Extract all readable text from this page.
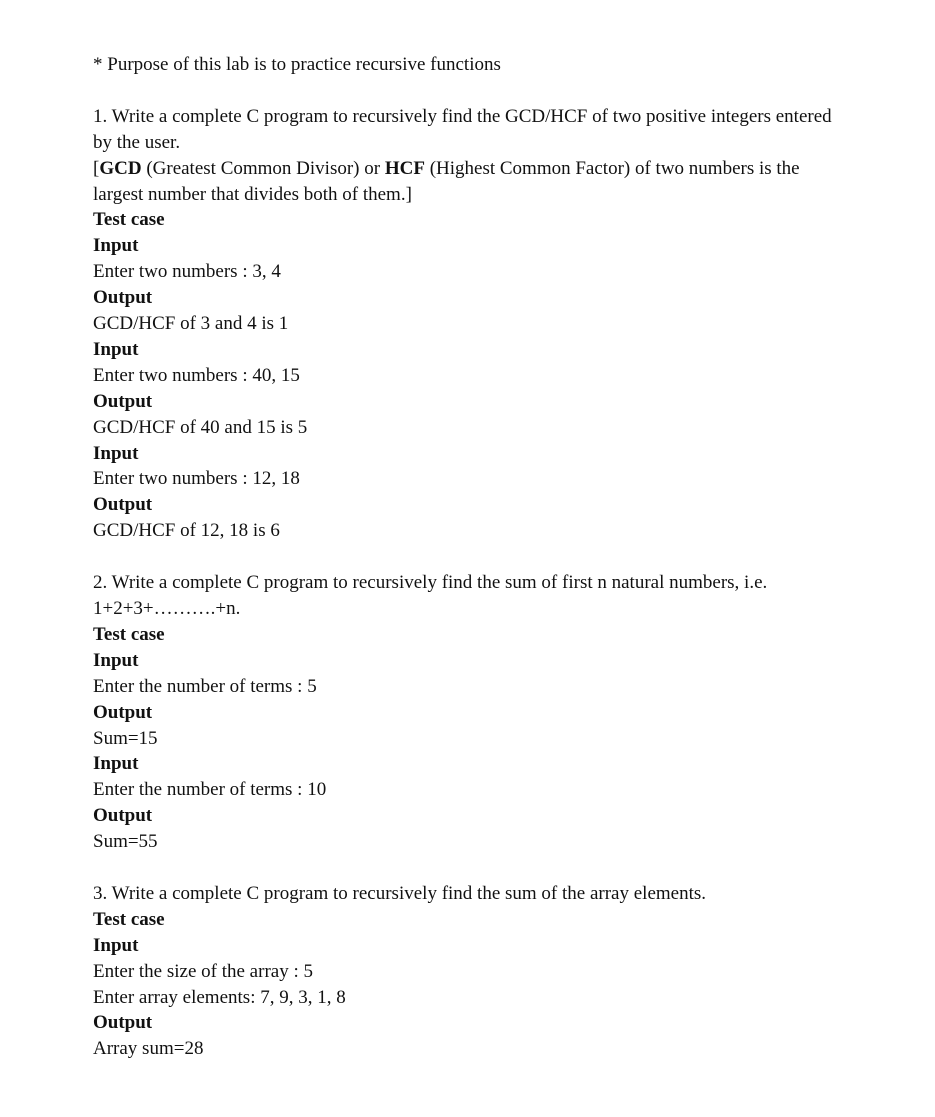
* Purpose of this lab is to practice recursive functions

1. Write a complete C program to recursively find the GCD/HCF of two positive integers entered

by the user.

[GCD (Greatest Common Divisor) or HCF (Highest Common Factor) of two numbers is the

largest number that divides both of them.]

Test case

Input

Enter two numbers : 3, 4

Output

GCD/HCF of 3 and 4 is 1

Input

Enter two numbers : 40, 15

Output

GCD/HCF of 40 and 15 is 5

Input

Enter two numbers : 12, 18

Output

GCD/HCF of 12, 18 is 6

2. Write a complete C program to recursively find the sum of first n natural numbers, i.e.

1+2+3+……….+n.

Test case

Input

Enter the number of terms : 5

Output

Sum=15

Input

Enter the number of terms : 10

Output

Sum=55

3. Write a complete C program to recursively find the sum of the array elements.

Test case

Input

Enter the size of the array : 5

Enter array elements: 7, 9, 3, 1, 8

Output

Array sum=28
